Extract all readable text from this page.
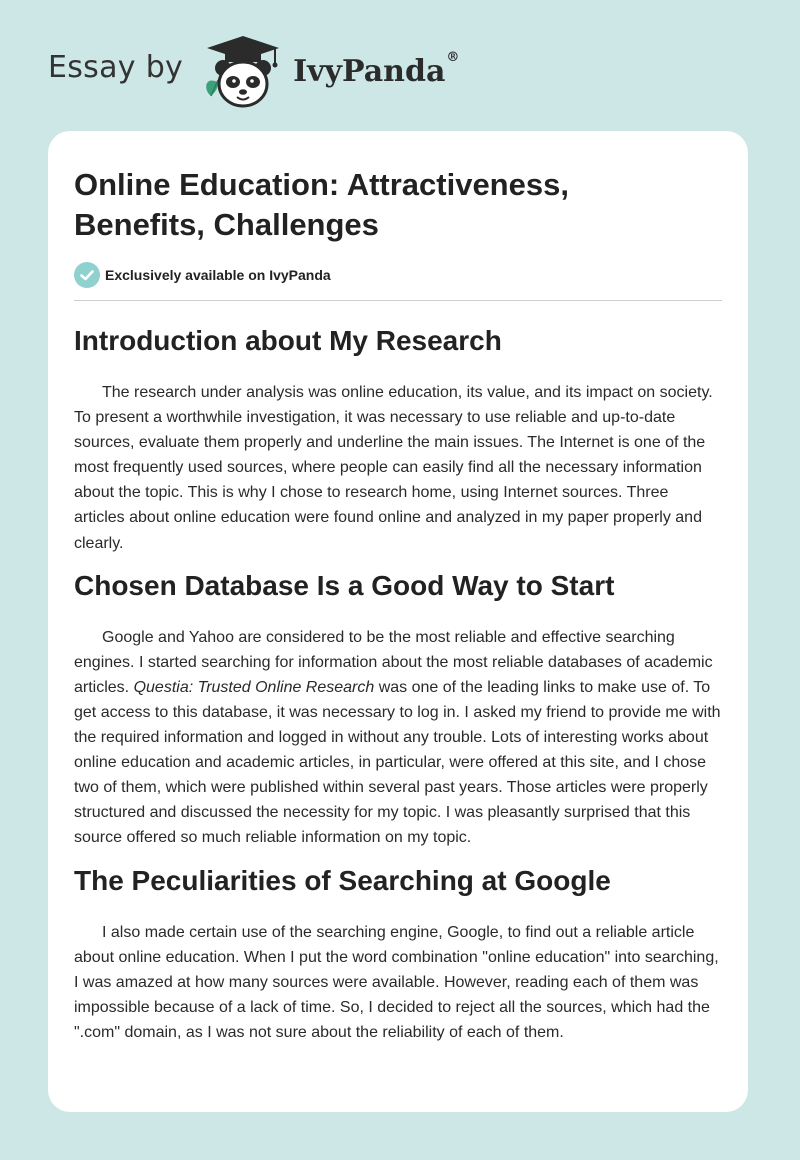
Essay by	IvyPanda®
Online Education: Attractiveness, Benefits, Challenges
Exclusively available on IvyPanda
Introduction about My Research

The research under analysis was online education, its value, and its impact on society. To present a worthwhile investigation, it was necessary to use reliable and up-to-date sources, evaluate them properly and underline the main issues. The Internet is one of the most frequently used sources, where people can easily find all the necessary information about the topic. This is why I chose to research home, using Internet sources. Three articles about online education were found online and analyzed in my paper properly and clearly.

Chosen Database Is a Good Way to Start

Google and Yahoo are considered to be the most reliable and effective searching engines. I started searching for information about the most reliable databases of academic articles. Questia: Trusted Online Research was one of the leading links to make use of. To get access to this database, it was necessary to log in. I asked my friend to provide me with the required information and logged in without any trouble. Lots of interesting works about online education and academic articles, in particular, were offered at this site, and I chose two of them, which were published within several past years. Those articles were properly structured and discussed the necessity for my topic. I was pleasantly surprised that this source offered so much reliable information on my topic.

The Peculiarities of Searching at Google

I also made certain use of the searching engine, Google, to find out a reliable article about online education. When I put the word combination "online education" into searching, I was amazed at how many sources were available. However, reading each of them was impossible because of a lack of time. So, I decided to reject all the sources, which had the ".com" domain, as I was not sure about the reliability of each of them.
